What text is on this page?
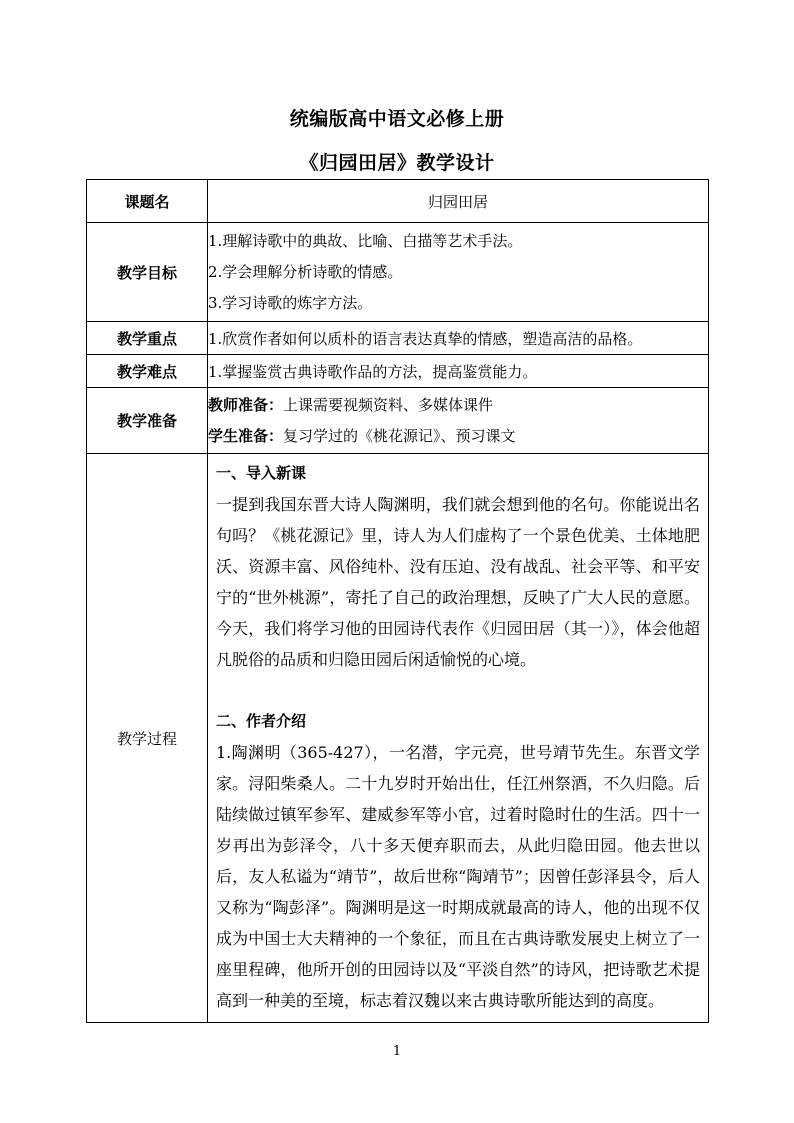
统编版高中语文必修上册
《归园田居》教学设计
课题名	归园田居
教学目标	1.理解诗歌中的典故、比喻、白描等艺术手法。
2.学会理解分析诗歌的情感。
3.学习诗歌的炼字方法。

教学重点	1.欣赏作者如何以质朴的语言表达真挚的情感，塑造高洁的品格。
教学难点	1.掌握鉴赏古典诗歌作品的方法，提高鉴赏能力。
教学准备	教师准备：上课需要视频资料、多媒体课件
学生准备：复习学过的《桃花源记》、预习课文

教学过程	一、导入新课
一提到我国东晋大诗人陶渊明，我们就会想到他的名句。你能说出名句吗？《桃花源记》里，诗人为人们虚构了一个景色优美、土体地肥沃、资源丰富、风俗纯朴、没有压迫、没有战乱、社会平等、和平安宁的“世外桃源”，寄托了自己的政治理想，反映了广大人民的意愿。今天，我们将学习他的田园诗代表作《归园田居（其一）》，体会他超凡脱俗的品质和归隐田园后闲适愉悦的心境。
二、作者介绍
1.陶渊明（365-427），一名潜，字元亮，世号靖节先生。东晋文学家。浔阳柴桑人。二十九岁时开始出仕，任江州祭酒，不久归隐。后陆续做过镇军参军、建威参军等小官，过着时隐时仕的生活。四十一岁再出为彭泽令，八十多天便弃职而去，从此归隐田园。他去世以后，友人私谥为“靖节”，故后世称“陶靖节”；因曾任彭泽县令，后人又称为“陶彭泽”。陶渊明是这一时期成就最高的诗人，他的出现不仅成为中国士大夫精神的一个象征，而且在古典诗歌发展史上树立了一座里程碑，他所开创的田园诗以及“平淡自然”的诗风，把诗歌艺术提高到一种美的至境，标志着汉魏以来古典诗歌所能达到的高度。
1
